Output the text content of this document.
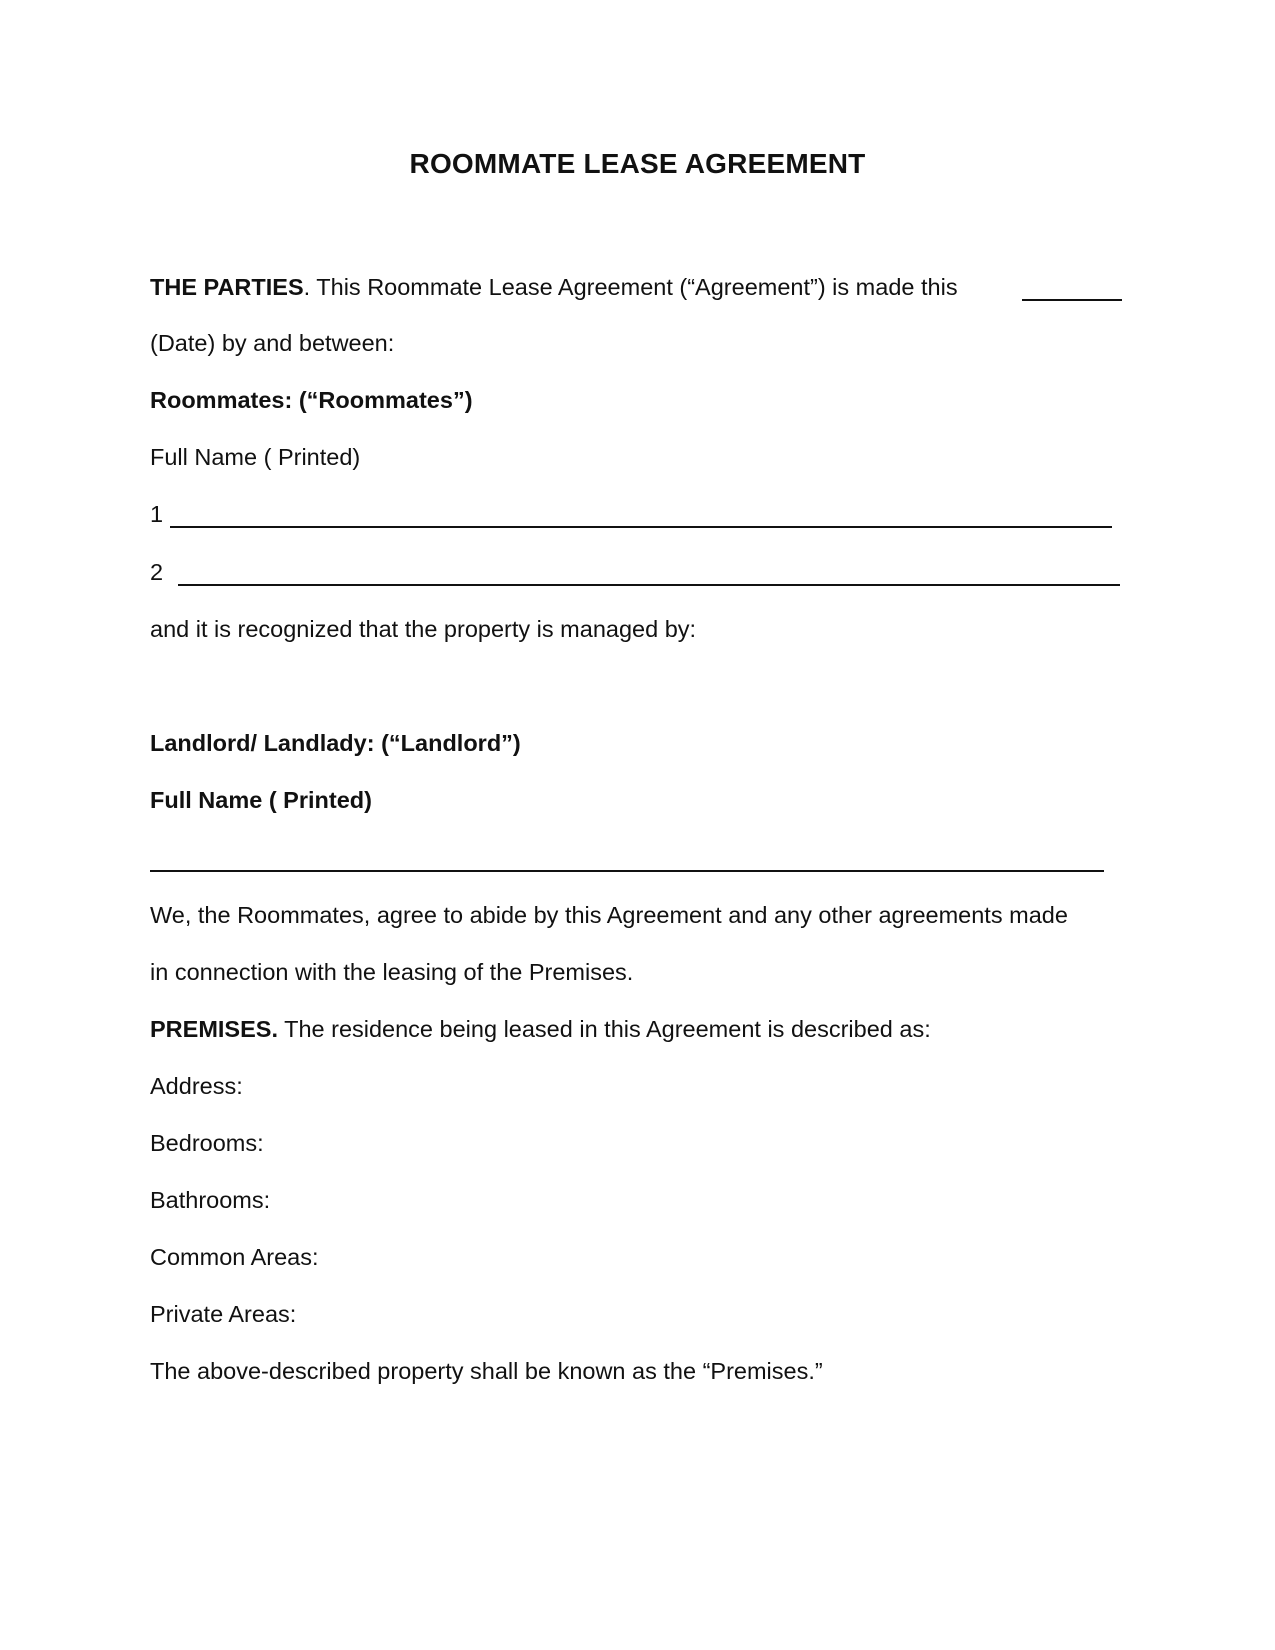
ROOMMATE LEASE AGREEMENT
THE PARTIES. This Roommate Lease Agreement (“Agreement”) is made this
(Date) by and between:
Roommates: (“Roommates”)
Full Name ( Printed)
1
2
and it is recognized that the property is managed by:
Landlord/ Landlady: (“Landlord”)
Full Name ( Printed)
We, the Roommates, agree to abide by this Agreement and any other agreements made
in connection with the leasing of the Premises.
PREMISES. The residence being leased in this Agreement is described as:
Address:
Bedrooms:
Bathrooms:
Common Areas:
Private Areas:
The above-described property shall be known as the “Premises.”
